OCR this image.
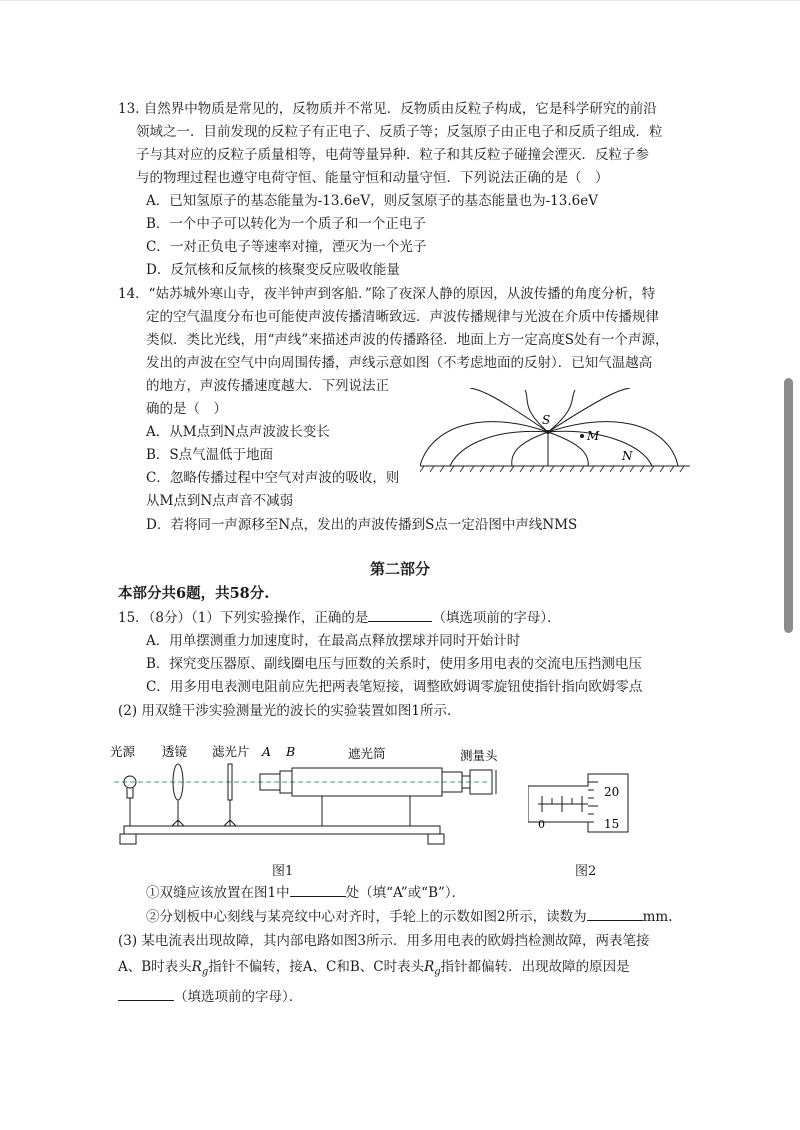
13. 自然界中物质是常见的，反物质并不常见．反物质由反粒子构成，它是科学研究的前沿
领域之一．目前发现的反粒子有正电子、反质子等；反氢原子由正电子和反质子组成．粒
子与其对应的反粒子质量相等，电荷等量异种．粒子和其反粒子碰撞会湮灭．反粒子参
与的物理过程也遵守电荷守恒、能量守恒和动量守恒．下列说法正确的是（　）
A．已知氢原子的基态能量为-13.6eV，则反氢原子的基态能量也为-13.6eV
B．一个中子可以转化为一个质子和一个正电子
C．一对正负电子等速率对撞，湮灭为一个光子
D．反氘核和反氚核的核聚变反应吸收能量
14．“姑苏城外寒山寺，夜半钟声到客船．”除了夜深人静的原因，从波传播的角度分析，特
定的空气温度分布也可能使声波传播清晰致远．声波传播规律与光波在介质中传播规律
类似．类比光线，用“声线”来描述声波的传播路径．地面上方一定高度S处有一个声源，
发出的声波在空气中向周围传播，声线示意如图（不考虑地面的反射）．已知气温越高
的地方，声波传播速度越大．下列说法正
确的是（　）
A．从M点到N点声波波长变长
B．S点气温低于地面
C．忽略传播过程中空气对声波的吸收，则
从M点到N点声音不减弱
D．若将同一声源移至N点，发出的声波传播到S点一定沿图中声线NMS
S
M
N
第二部分
本部分共6题，共58分.
15．（8分）（1）下列实验操作，正确的是	（填选项前的字母）．
A．用单摆测重力加速度时，在最高点释放摆球并同时开始计时
B．探究变压器原、副线圈电压与匝数的关系时，使用多用电表的交流电压挡测电压
C．用多用电表测电阻前应先把两表笔短接，调整欧姆调零旋钮使指针指向欧姆零点
(2) 用双缝干涉实验测量光的波长的实验装置如图1所示.
光源 透镜 滤光片 A B	遮光筒	测量头
0
20
15
图1	图2
①双缝应该放置在图1中	处（填“A”或“B”）．
②分划板中心刻线与某亮纹中心对齐时，手轮上的示数如图2所示，读数为	mm.
(3) 某电流表出现故障，其内部电路如图3所示．用多用电表的欧姆挡检测故障，两表笔接
A、B时表头$R_g$指针不偏转，接A、C和B、C时表头$R_g$指针都偏转．出现故障的原因是
（填选项前的字母）．
